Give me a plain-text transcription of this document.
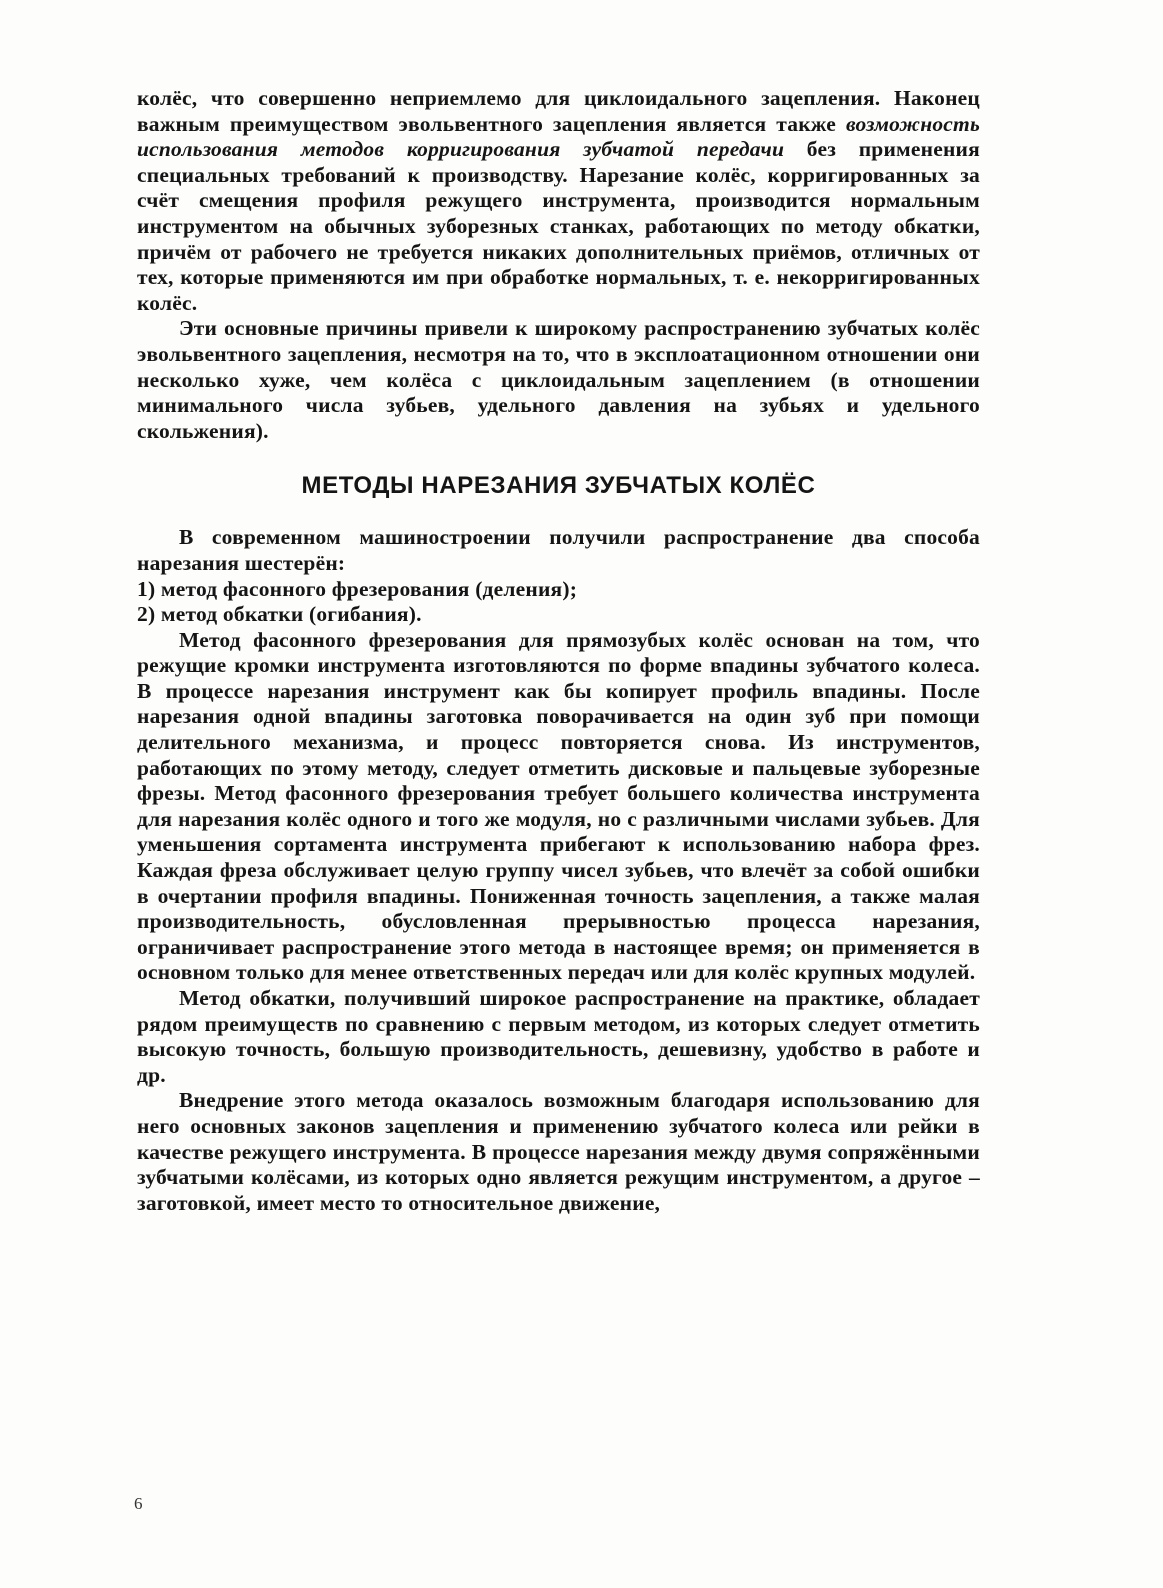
колёс, что совершенно неприемлемо для циклоидального зацепления. Наконец важным преимуществом эвольвентного зацепления является также возможность использования методов корригирования зубчатой передачи без применения специальных требований к производству. Нарезание колёс, корригированных за счёт смещения профиля режущего инструмента, производится нормальным инструментом на обычных зуборезных станках, работающих по методу обкатки, причём от рабочего не требуется никаких дополнительных приёмов, отличных от тех, которые применяются им при обработке нормальных, т. е. некорригированных колёс.

Эти основные причины привели к широкому распространению зубчатых колёс эвольвентного зацепления, несмотря на то, что в эксплоатационном отношении они несколько хуже, чем колёса с циклоидальным зацеплением (в отношении минимального числа зубьев, удельного давления на зубьях и удельного скольжения).

МЕТОДЫ НАРЕЗАНИЯ ЗУБЧАТЫХ КОЛЁС

В современном машиностроении получили распространение два способа нарезания шестерён:

1) метод фасонного фрезерования (деления);

2) метод обкатки (огибания).

Метод фасонного фрезерования для прямозубых колёс основан на том, что режущие кромки инструмента изготовляются по форме впадины зубчатого колеса. В процессе нарезания инструмент как бы копирует профиль впадины. После нарезания одной впадины заготовка поворачивается на один зуб при помощи делительного механизма, и процесс повторяется снова. Из инструментов, работающих по этому методу, следует отметить дисковые и пальцевые зуборезные фрезы. Метод фасонного фрезерования требует большего количества инструмента для нарезания колёс одного и того же модуля, но с различными числами зубьев. Для уменьшения сортамента инструмента прибегают к использованию набора фрез. Каждая фреза обслуживает целую группу чисел зубьев, что влечёт за собой ошибки в очертании профиля впадины. Пониженная точность зацепления, а также малая производительность, обусловленная прерывностью процесса нарезания, ограничивает распространение этого метода в настоящее время; он применяется в основном только для менее ответственных передач или для колёс крупных модулей.

Метод обкатки, получивший широкое распространение на практике, обладает рядом преимуществ по сравнению с первым методом, из которых следует отметить высокую точность, большую производительность, дешевизну, удобство в работе и др.

Внедрение этого метода оказалось возможным благодаря использованию для него основных законов зацепления и применению зубчатого колеса или рейки в качестве режущего инструмента. В процессе нарезания между двумя сопряжёнными зубчатыми колёсами, из которых одно является режущим инструментом, а другое – заготовкой, имеет место то относительное движение,

6
